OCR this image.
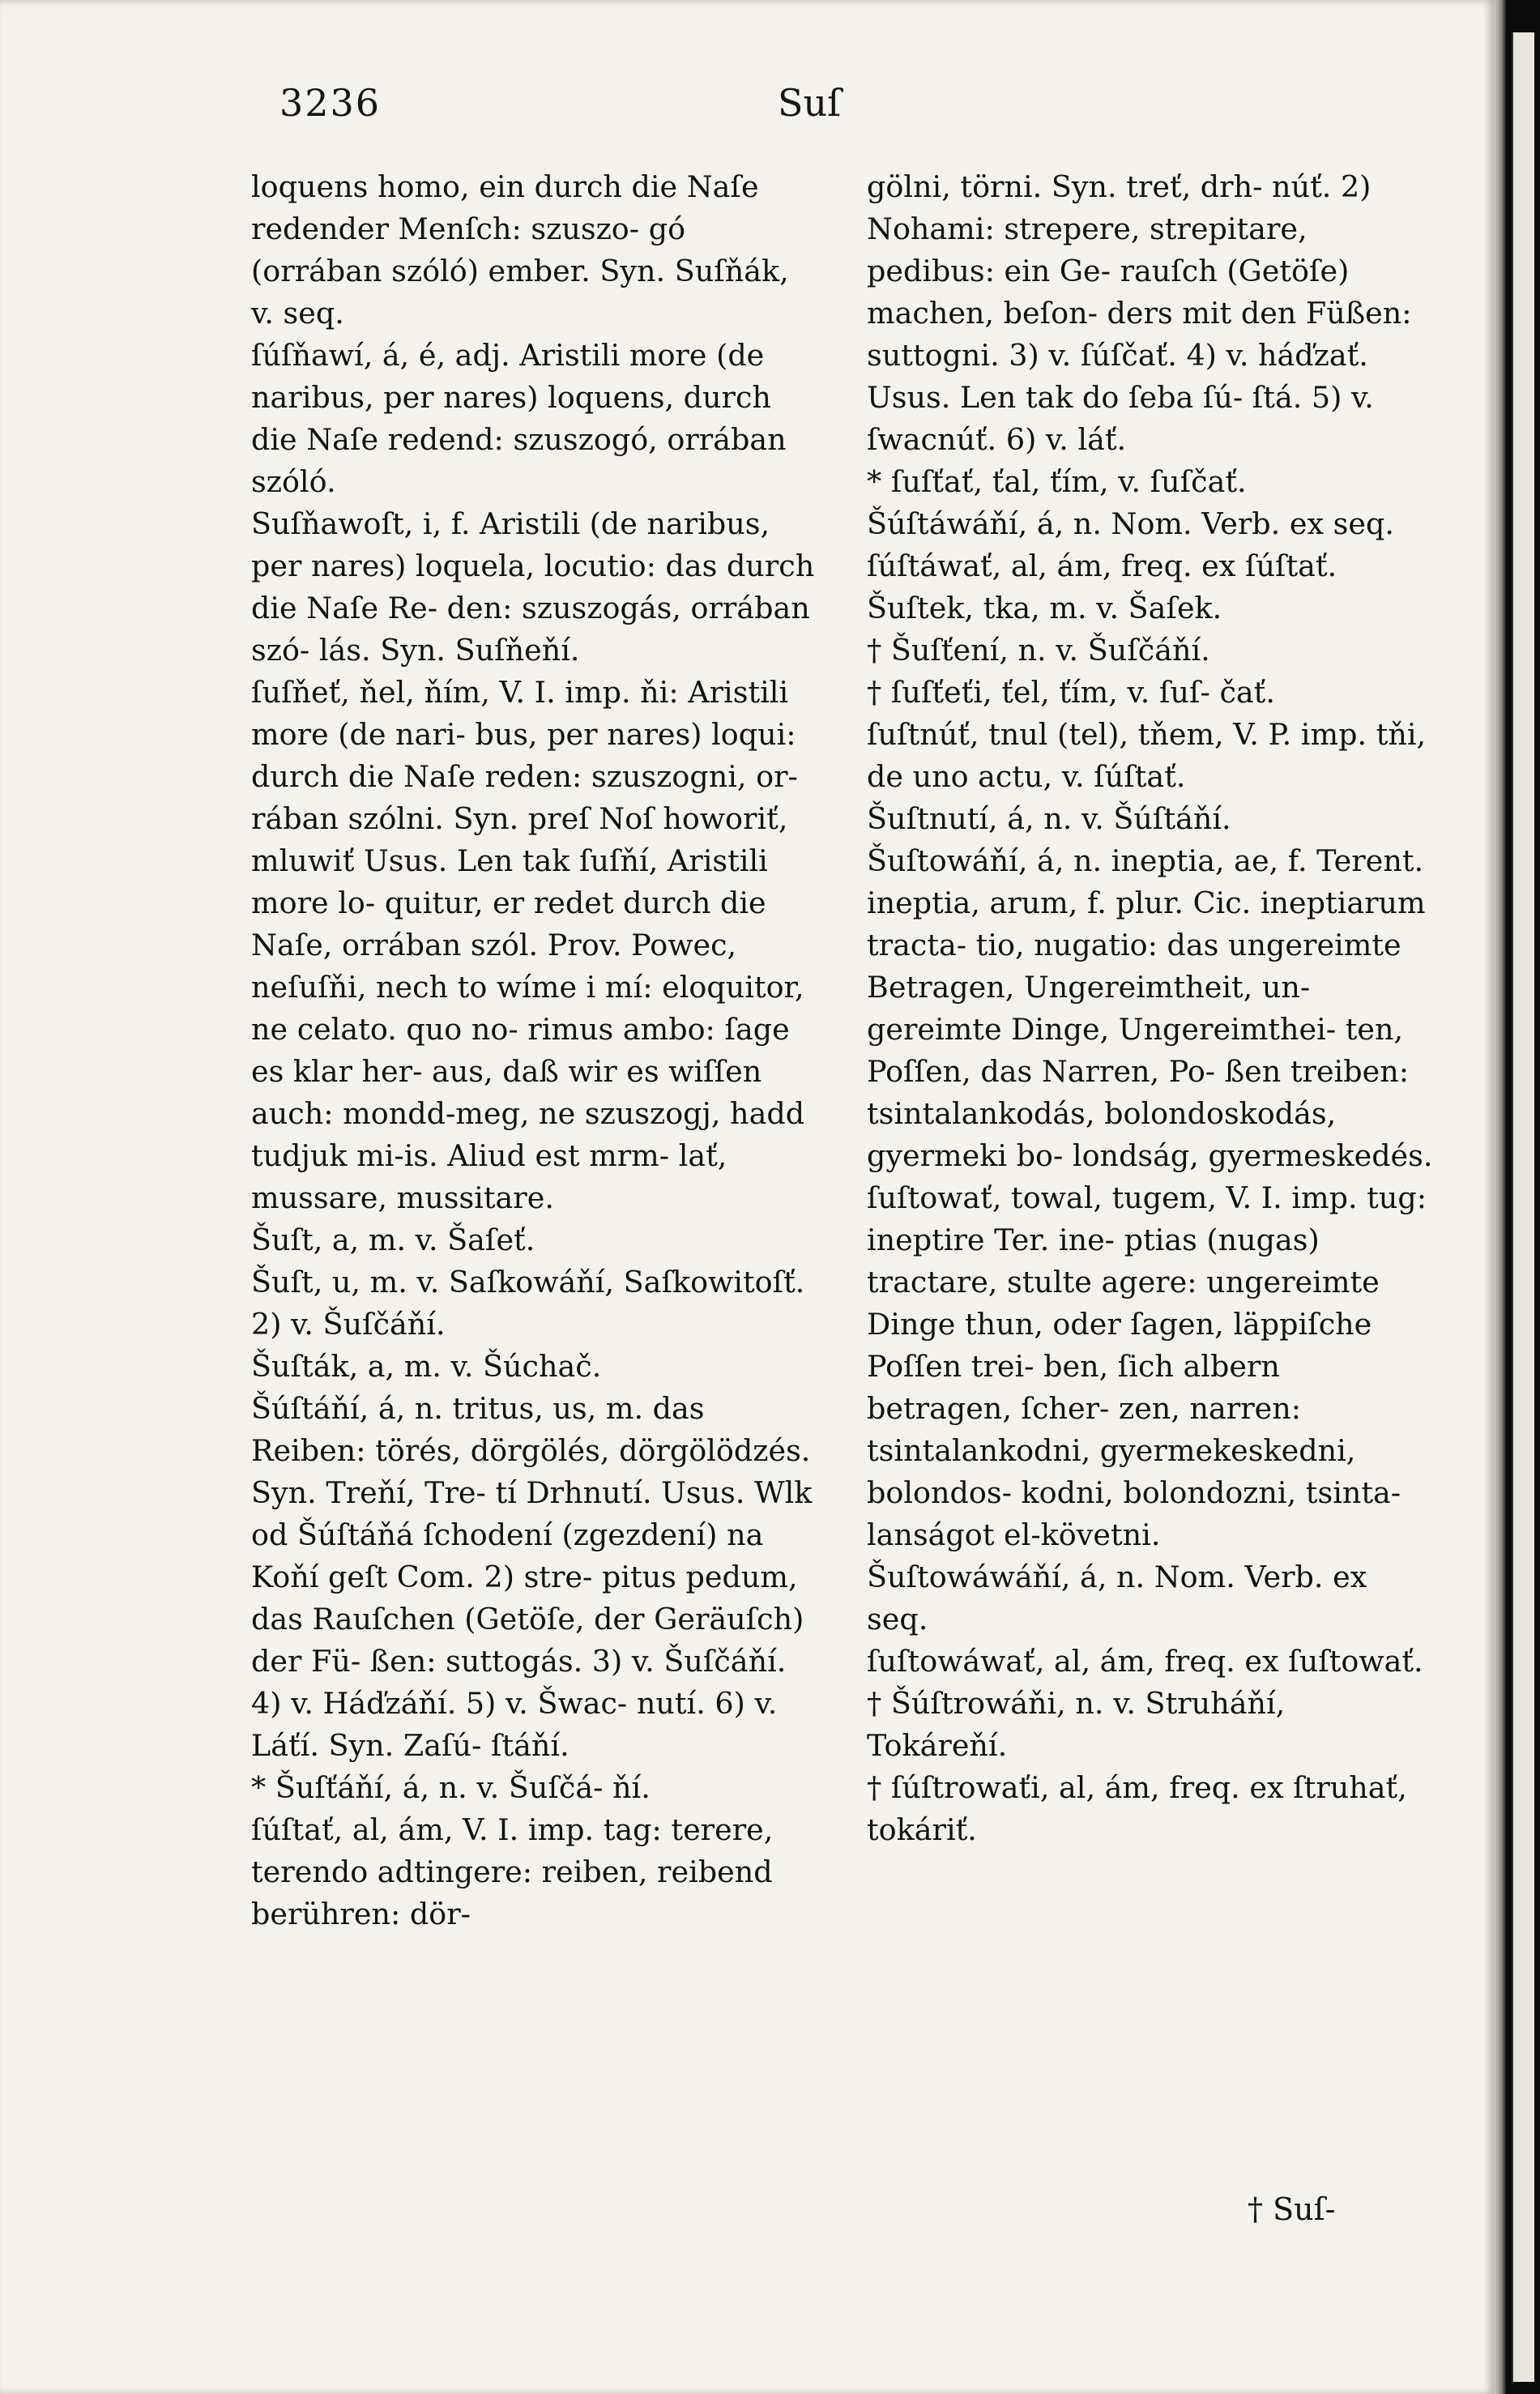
3236	Suſ

loquens homo, ein durch die Naſe redender Menſch: szuszo- gó (orrában szóló) ember. Syn. Suſňák, v. seq.

ſúſňawí, á, é, adj. Aristili more (de naribus, per nares) loquens, durch die Naſe redend: szuszogó, orrában szóló.

Suſňawoſt, i, f. Aristili (de naribus, per nares) loquela, locutio: das durch die Naſe Re- den: szuszogás, orrában szó- lás. Syn. Suſňeňí.

ſuſňeť, ňel, ňím, V. I. imp. ňi: Aristili more (de nari- bus, per nares) loqui: durch die Naſe reden: szuszogni, or- rában szólni. Syn. preſ Noſ howoriť, mluwiť Usus. Len tak ſuſňí, Aristili more lo- quitur, er redet durch die Naſe, orrában szól. Prov. Powec, neſuſňi, nech to wíme i mí: eloquitor, ne celato. quo no- rimus ambo: ſage es klar her- aus, daß wir es wiſſen auch: mondd-meg, ne szuszogj, hadd tudjuk mi-is. Aliud est mrm- lať, mussare, mussitare.

Šuſt, a, m. v. Šaſeť.

Šuſt, u, m. v. Saſkowáňí, Saſkowitoſť. 2) v. Šuſčáňí.

Šuſták, a, m. v. Šúchač.

Šúſtáňí, á, n. tritus, us, m. das Reiben: törés, dörgölés, dörgölödzés. Syn. Treňí, Tre- tí Drhnutí. Usus. Wlk od Šúſtáňá ſchodení (zgezdení) na Koňí geſt Com. 2) stre- pitus pedum, das Rauſchen (Getöſe, der Geräuſch) der Fü- ßen: suttogás. 3) v. Šuſčáňí. 4) v. Háďzáňí. 5) v. Šwac- nutí. 6) v. Láťí. Syn. Zaſú- ſtáňí.

* Šuſťáňí, á, n. v. Šuſčá- ňí.

ſúſtať, al, ám, V. I. imp. tag: terere, terendo adtingere: reiben, reibend berühren: dör-

gölni, törni. Syn. treť, drh- núť. 2) Nohami: strepere, strepitare, pedibus: ein Ge- rauſch (Getöſe) machen, beſon- ders mit den Füßen: suttogni. 3) v. ſúſčať. 4) v. háďzať. Usus. Len tak do ſeba ſú- ſtá. 5) v. ſwacnúť. 6) v. láť.

* ſuſťať, ťal, ťím, v. ſuſčať.

Šúſtáwáňí, á, n. Nom. Verb. ex seq.

ſúſtáwať, al, ám, freq. ex ſúſtať.

Šuſtek, tka, m. v. Šaſek.

† Šuſťení, n. v. Šuſčáňí.

† ſuſťeťi, ťel, ťím, v. ſuſ- čať.

ſuſtnúť, tnul (tel), tňem, V. P. imp. tňi, de uno actu, v. ſúſtať.

Šuſtnutí, á, n. v. Šúſtáňí.

Šuſtowáňí, á, n. ineptia, ae, f. Terent. ineptia, arum, f. plur. Cic. ineptiarum tracta- tio, nugatio: das ungereimte Betragen, Ungereimtheit, un- gereimte Dinge, Ungereimthei- ten, Poſſen, das Narren, Po- ßen treiben: tsintalankodás, bolondoskodás, gyermeki bo- londság, gyermeskedés.

ſuſtowať, towal, tugem, V. I. imp. tug: ineptire Ter. ine- ptias (nugas) tractare, stulte agere: ungereimte Dinge thun, oder ſagen, läppiſche Poſſen trei- ben, ſich albern betragen, ſcher- zen, narren: tsintalankodni, gyermekeskedni, bolondos- kodni, bolondozni, tsinta- lanságot el-követni.

Šuſtowáwáňí, á, n. Nom. Verb. ex seq.

ſuſtowáwať, al, ám, freq. ex ſuſtowať.

† Šúſtrowáňi, n. v. Struháňí, Tokáreňí.

† ſúſtrowaťi, al, ám, freq. ex ſtruhať, tokáriť.

† Suſ-
